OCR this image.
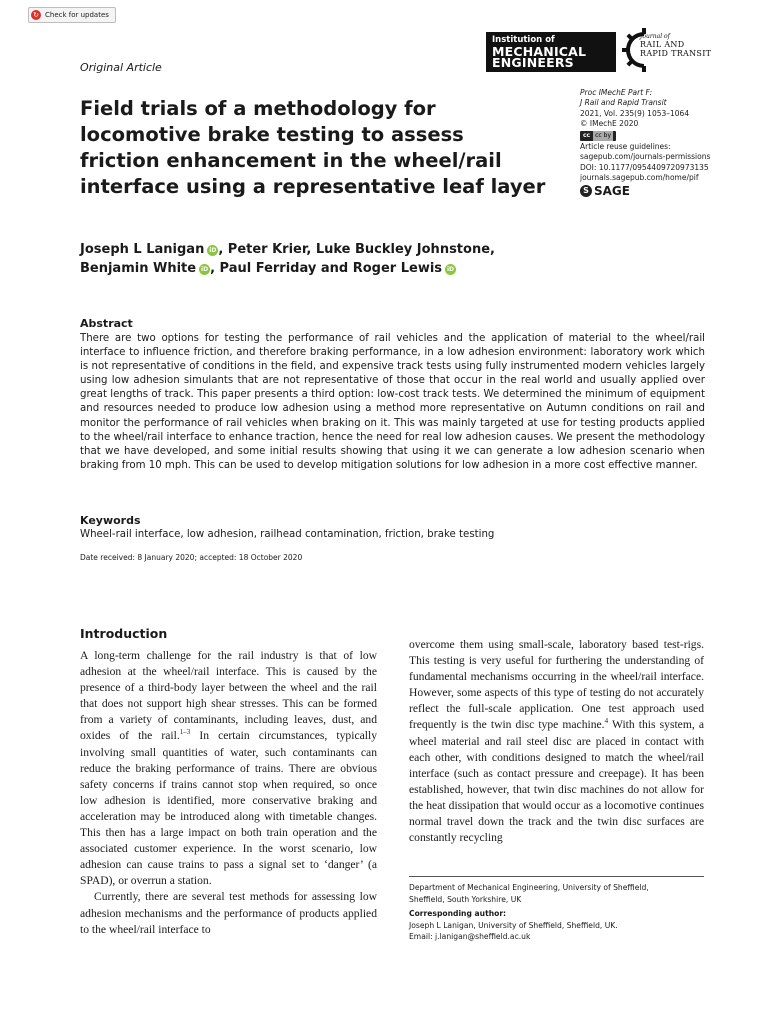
↻ Check for updates
Original Article
Institution of
MECHANICAL
ENGINEERS
Journal of
RAIL AND
RAPID TRANSIT
Field trials of a methodology for locomotive brake testing to assess friction enhancement in the wheel/rail interface using a representative leaf layer
Proc IMechE Part F:
J Rail and Rapid Transit
2021, Vol. 235(9) 1053–1064
© IMechE 2020
cc cc by
Article reuse guidelines:
sagepub.com/journals-permissions
DOI: 10.1177/0954409720973135
journals.sagepub.com/home/pif
S SAGE
Joseph L Lanigan iD , Peter Krier, Luke Buckley Johnstone,
Benjamin White iD , Paul Ferriday and Roger Lewis iD
Abstract
There are two options for testing the performance of rail vehicles and the application of material to the wheel/rail interface to influence friction, and therefore braking performance, in a low adhesion environment: laboratory work which is not representative of conditions in the field, and expensive track tests using fully instrumented modern vehicles largely using low adhesion simulants that are not representative of those that occur in the real world and usually applied over great lengths of track. This paper presents a third option: low-cost track tests. We determined the minimum of equipment and resources needed to produce low adhesion using a method more representative on Autumn conditions on rail and monitor the performance of rail vehicles when braking on it. This was mainly targeted at use for testing products applied to the wheel/rail interface to enhance traction, hence the need for real low adhesion causes. We present the methodology that we have developed, and some initial results showing that using it we can generate a low adhesion scenario when braking from 10 mph. This can be used to develop mitigation solutions for low adhesion in a more cost effective manner.
Keywords
Wheel-rail interface, low adhesion, railhead contamination, friction, brake testing
Date received: 8 January 2020; accepted: 18 October 2020
Introduction

A long-term challenge for the rail industry is that of low adhesion at the wheel/rail interface. This is caused by the presence of a third-body layer between the wheel and the rail that does not support high shear stresses. This can be formed from a variety of contaminants, including leaves, dust, and oxides of the rail.$^{1-3}$ In certain circumstances, typically involving small quantities of water, such contaminants can reduce the braking performance of trains. There are obvious safety concerns if trains cannot stop when required, so once low adhesion is identified, more conservative braking and acceleration may be introduced along with timetable changes. This then has a large impact on both train operation and the associated customer experience. In the worst scenario, low adhesion can cause trains to pass a signal set to ‘danger’ (a SPAD), or overrun a station.

Currently, there are several test methods for assessing low adhesion mechanisms and the performance of products applied to the wheel/rail interface to

overcome them using small-scale, laboratory based test-rigs. This testing is very useful for furthering the understanding of fundamental mechanisms occurring in the wheel/rail interface. However, some aspects of this type of testing do not accurately reflect the full-scale application. One test approach used frequently is the twin disc type machine.$^4$ With this system, a wheel material and rail steel disc are placed in contact with each other, with conditions designed to match the wheel/rail interface (such as contact pressure and creepage). It has been established, however, that twin disc machines do not allow for the heat dissipation that would occur as a locomotive continues normal travel down the track and the twin disc surfaces are constantly recycling

Department of Mechanical Engineering, University of Sheffield,
Sheffield, South Yorkshire, UK
Corresponding author:
Joseph L Lanigan, University of Sheffield, Sheffield, UK.
Email: j.lanigan@sheffield.ac.uk
